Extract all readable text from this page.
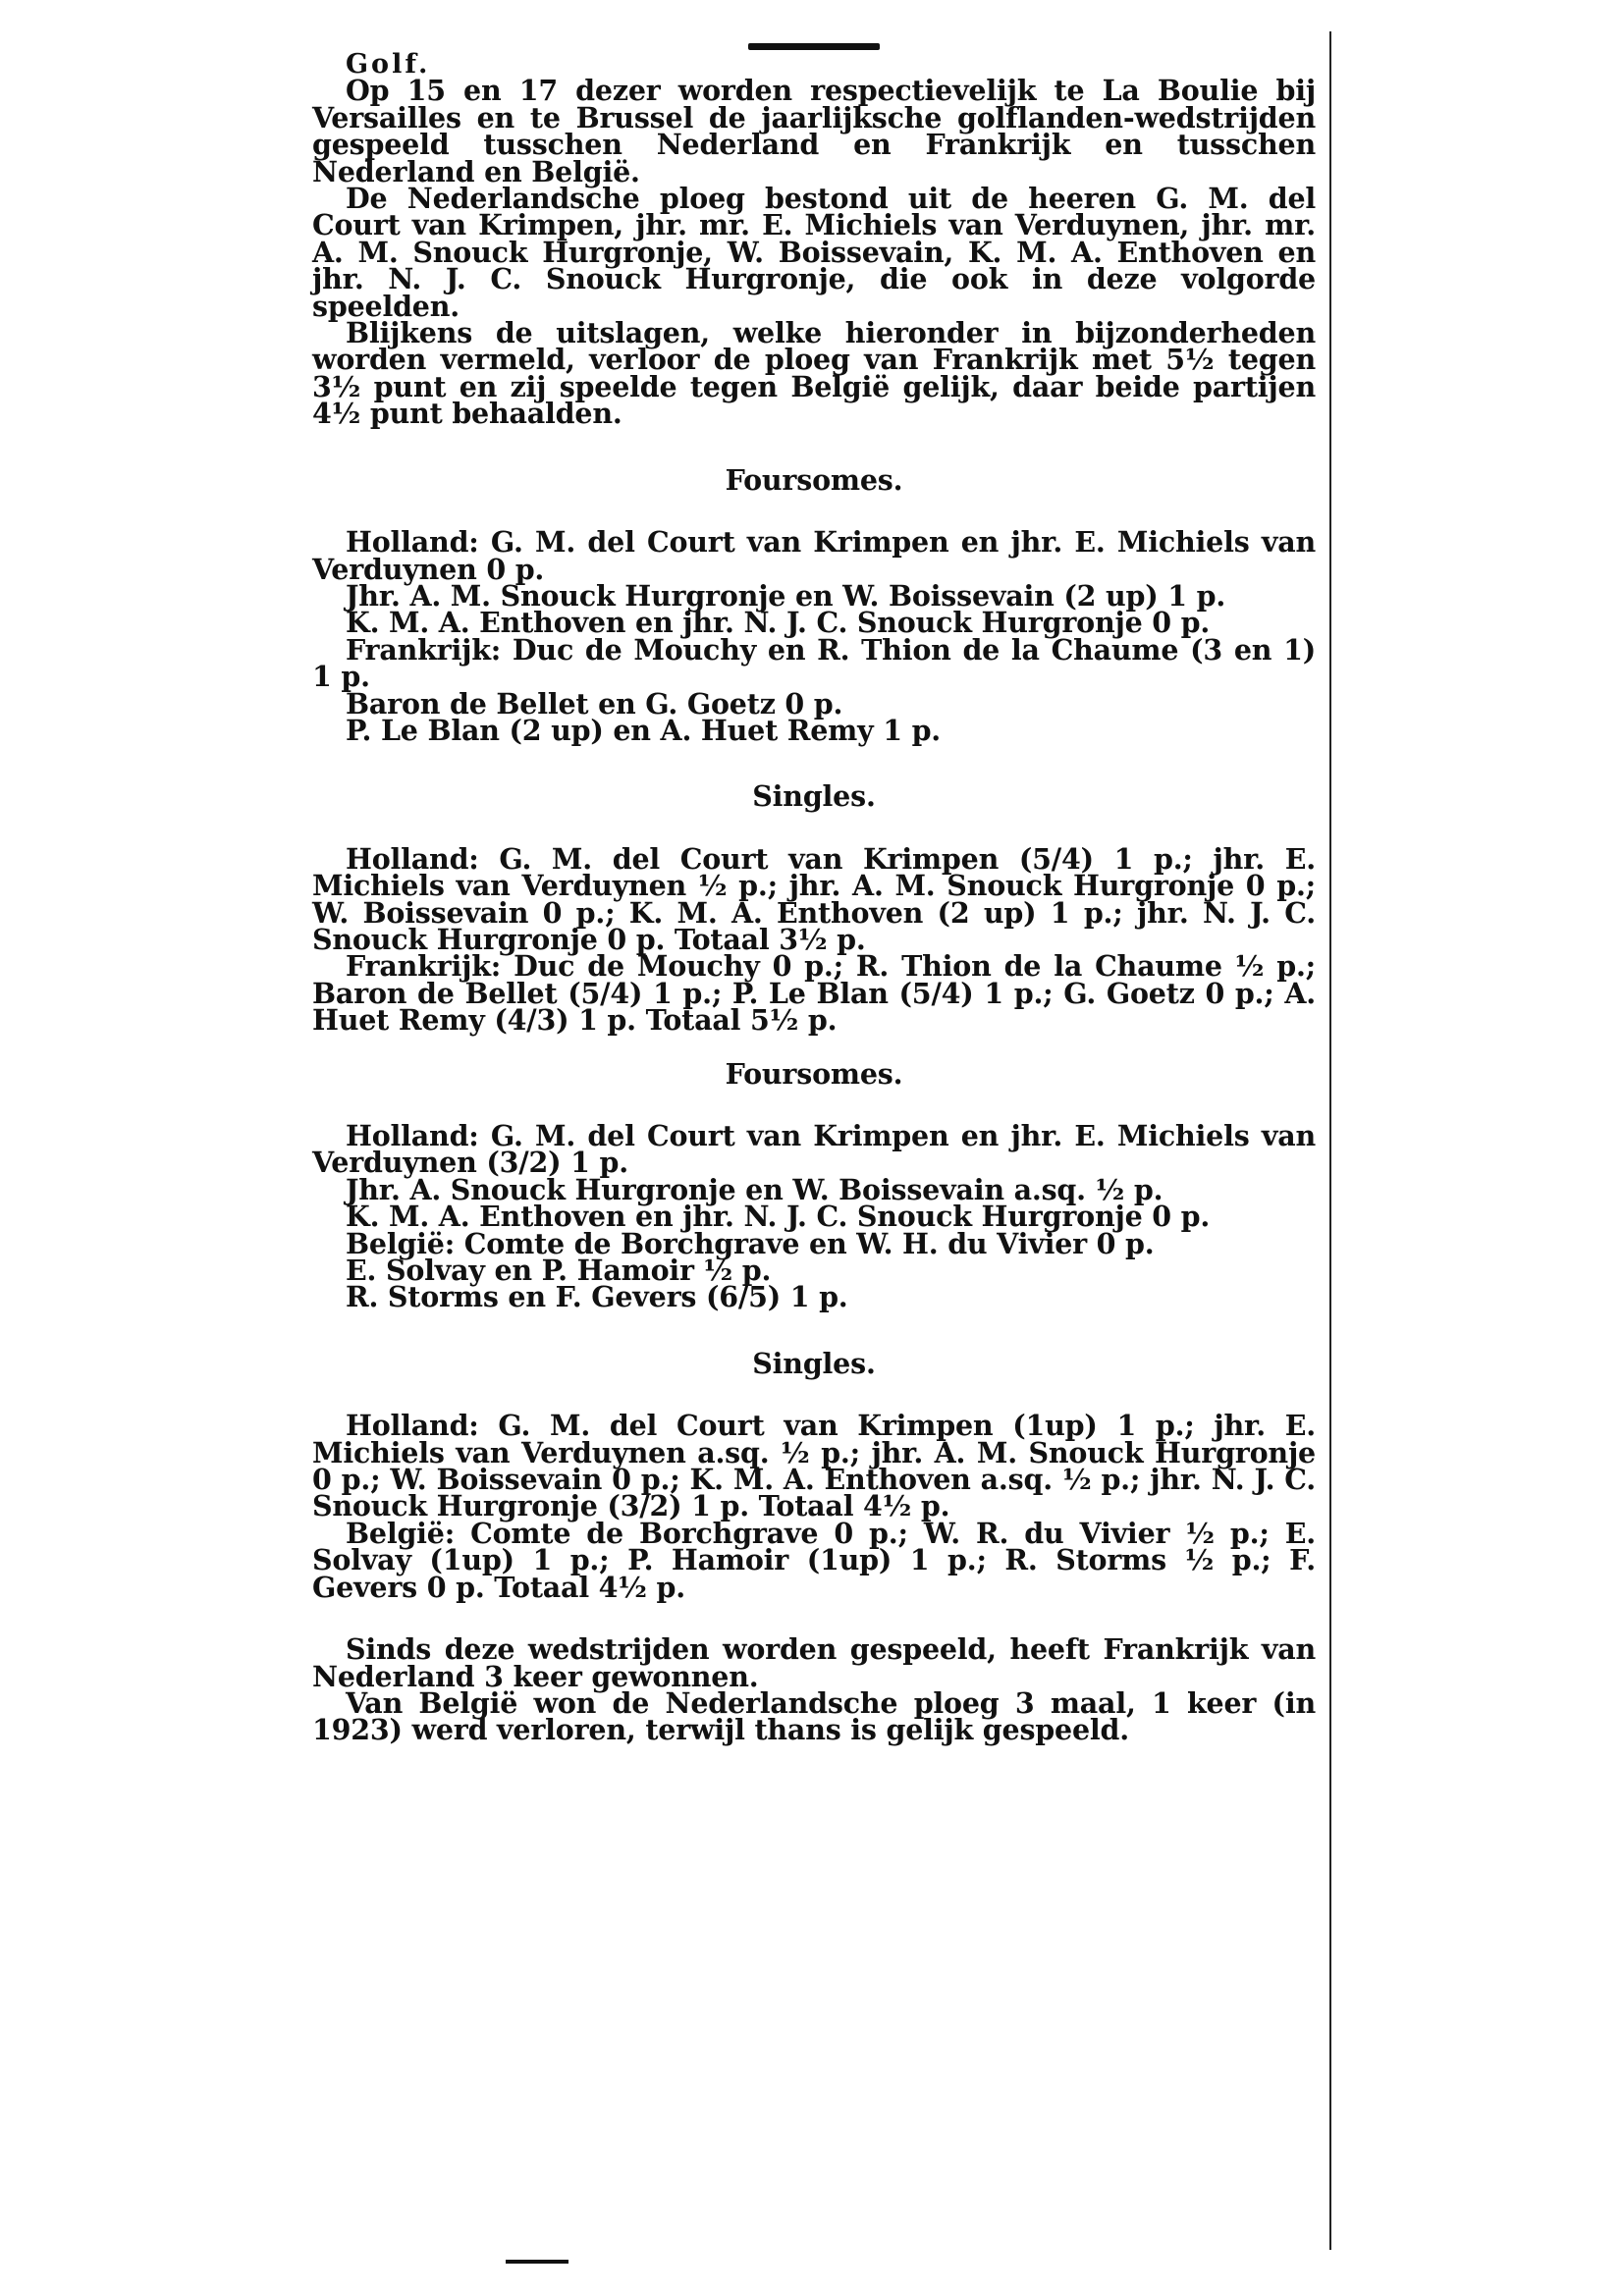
Golf.

Op 15 en 17 dezer worden respectievelijk te La Boulie bij Versailles en te Brussel de jaarlijksche golflanden-wedstrijden gespeeld tusschen Nederland en Frankrijk en tusschen Nederland en België.

De Nederlandsche ploeg bestond uit de heeren G. M. del Court van Krimpen, jhr. mr. E. Michiels van Verduynen, jhr. mr. A. M. Snouck Hurgronje, W. Boissevain, K. M. A. Enthoven en jhr. N. J. C. Snouck Hurgronje, die ook in deze volgorde speelden.

Blijkens de uitslagen, welke hieronder in bijzonderheden worden vermeld, verloor de ploeg van Frankrijk met 5½ tegen 3½ punt en zij speelde tegen België gelijk, daar beide partijen 4½ punt behaalden.

Foursomes.

Holland: G. M. del Court van Krimpen en jhr. E. Michiels van Verduynen 0 p.

Jhr. A. M. Snouck Hurgronje en W. Boissevain (2 up) 1 p.

K. M. A. Enthoven en jhr. N. J. C. Snouck Hurgronje 0 p.

Frankrijk: Duc de Mouchy en R. Thion de la Chaume (3 en 1) 1 p.

Baron de Bellet en G. Goetz 0 p.

P. Le Blan (2 up) en A. Huet Remy 1 p.

Singles.

Holland: G. M. del Court van Krimpen (5/4) 1 p.; jhr. E. Michiels van Verduynen ½ p.; jhr. A. M. Snouck Hurgronje 0 p.; W. Boissevain 0 p.; K. M. A. Enthoven (2 up) 1 p.; jhr. N. J. C. Snouck Hurgronje 0 p. Totaal 3½ p.

Frankrijk: Duc de Mouchy 0 p.; R. Thion de la Chaume ½ p.; Baron de Bellet (5/4) 1 p.; P. Le Blan (5/4) 1 p.; G. Goetz 0 p.; A. Huet Remy (4/3) 1 p. Totaal 5½ p.

Foursomes.

Holland: G. M. del Court van Krimpen en jhr. E. Michiels van Verduynen (3/2) 1 p.

Jhr. A. Snouck Hurgronje en W. Boissevain a.sq. ½ p.

K. M. A. Enthoven en jhr. N. J. C. Snouck Hurgronje 0 p.

België: Comte de Borchgrave en W. H. du Vivier 0 p.

E. Solvay en P. Hamoir ½ p.

R. Storms en F. Gevers (6/5) 1 p.

Singles.

Holland: G. M. del Court van Krimpen (1up) 1 p.; jhr. E. Michiels van Verduynen a.sq. ½ p.; jhr. A. M. Snouck Hurgronje 0 p.; W. Boissevain 0 p.; K. M. A. Enthoven a.sq. ½ p.; jhr. N. J. C. Snouck Hurgronje (3/2) 1 p. Totaal 4½ p.

België: Comte de Borchgrave 0 p.; W. R. du Vivier ½ p.; E. Solvay (1up) 1 p.; P. Hamoir (1up) 1 p.; R. Storms ½ p.; F. Gevers 0 p. Totaal 4½ p.

Sinds deze wedstrijden worden gespeeld, heeft Frankrijk van Nederland 3 keer gewonnen.

Van België won de Nederlandsche ploeg 3 maal, 1 keer (in 1923) werd verloren, terwijl thans is gelijk gespeeld.
